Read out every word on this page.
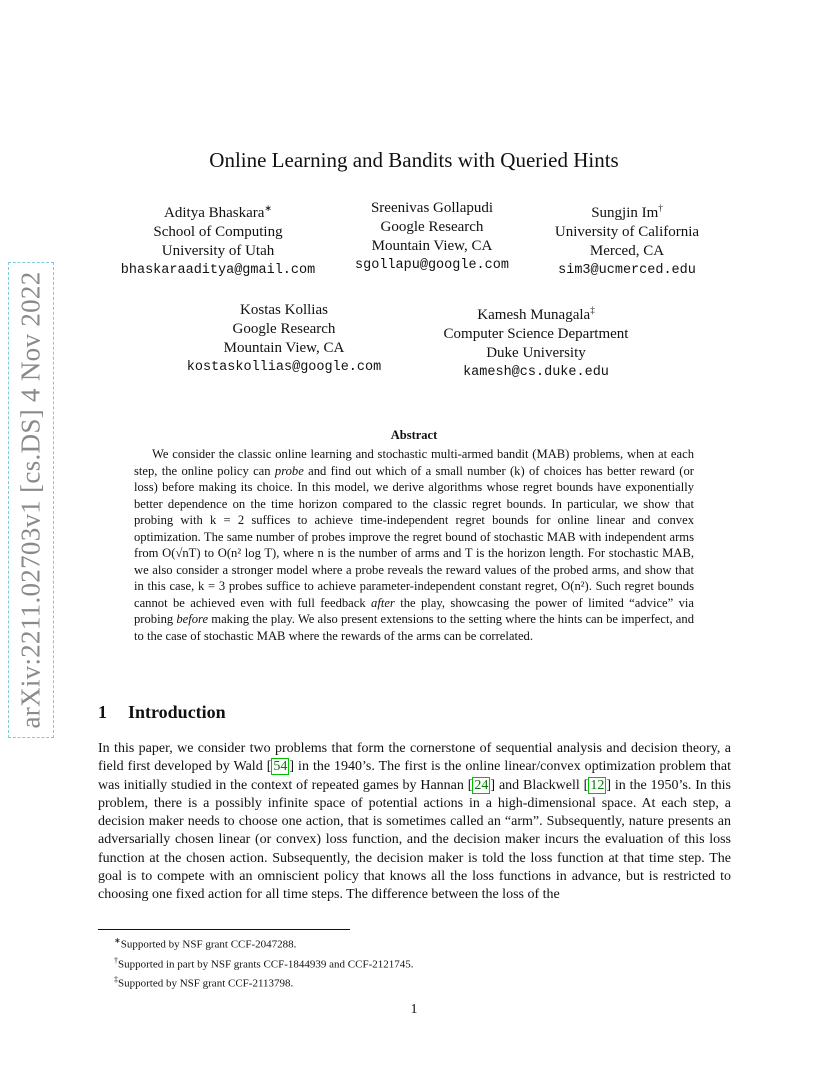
arXiv:2211.02703v1 [cs.DS] 4 Nov 2022
Online Learning and Bandits with Queried Hints
Aditya Bhaskara∗
School of Computing
University of Utah
bhaskaraaditya@gmail.com
Sreenivas Gollapudi
Google Research
Mountain View, CA
sgollapu@google.com
Sungjin Im†
University of California
Merced, CA
sim3@ucmerced.edu
Kostas Kollias
Google Research
Mountain View, CA
kostaskollias@google.com
Kamesh Munagala‡
Computer Science Department
Duke University
kamesh@cs.duke.edu
Abstract
We consider the classic online learning and stochastic multi-armed bandit (MAB) problems, when at each step, the online policy can probe and find out which of a small number (k) of choices has better reward (or loss) before making its choice. In this model, we derive algorithms whose regret bounds have exponentially better dependence on the time horizon compared to the classic regret bounds. In particular, we show that probing with k = 2 suffices to achieve time-independent regret bounds for online linear and convex optimization. The same number of probes improve the regret bound of stochastic MAB with independent arms from O(√nT) to O(n² log T), where n is the number of arms and T is the horizon length. For stochastic MAB, we also consider a stronger model where a probe reveals the reward values of the probed arms, and show that in this case, k = 3 probes suffice to achieve parameter-independent constant regret, O(n²). Such regret bounds cannot be achieved even with full feedback after the play, showcasing the power of limited “advice” via probing before making the play. We also present extensions to the setting where the hints can be imperfect, and to the case of stochastic MAB where the rewards of the arms can be correlated.
1 Introduction
In this paper, we consider two problems that form the cornerstone of sequential analysis and decision theory, a field first developed by Wald [ 54 ] in the 1940’s. The first is the online linear/convex optimization problem that was initially studied in the context of repeated games by Hannan [ 24 ] and Blackwell [ 12 ] in the 1950’s. In this problem, there is a possibly infinite space of potential actions in a high-dimensional space. At each step, a decision maker needs to choose one action, that is sometimes called an “arm”. Subsequently, nature presents an adversarially chosen linear (or convex) loss function, and the decision maker incurs the evaluation of this loss function at the chosen action. Subsequently, the decision maker is told the loss function at that time step. The goal is to compete with an omniscient policy that knows all the loss functions in advance, but is restricted to choosing one fixed action for all time steps. The difference between the loss of the
∗Supported by NSF grant CCF-2047288.
†Supported in part by NSF grants CCF-1844939 and CCF-2121745.
‡Supported by NSF grant CCF-2113798.
1
